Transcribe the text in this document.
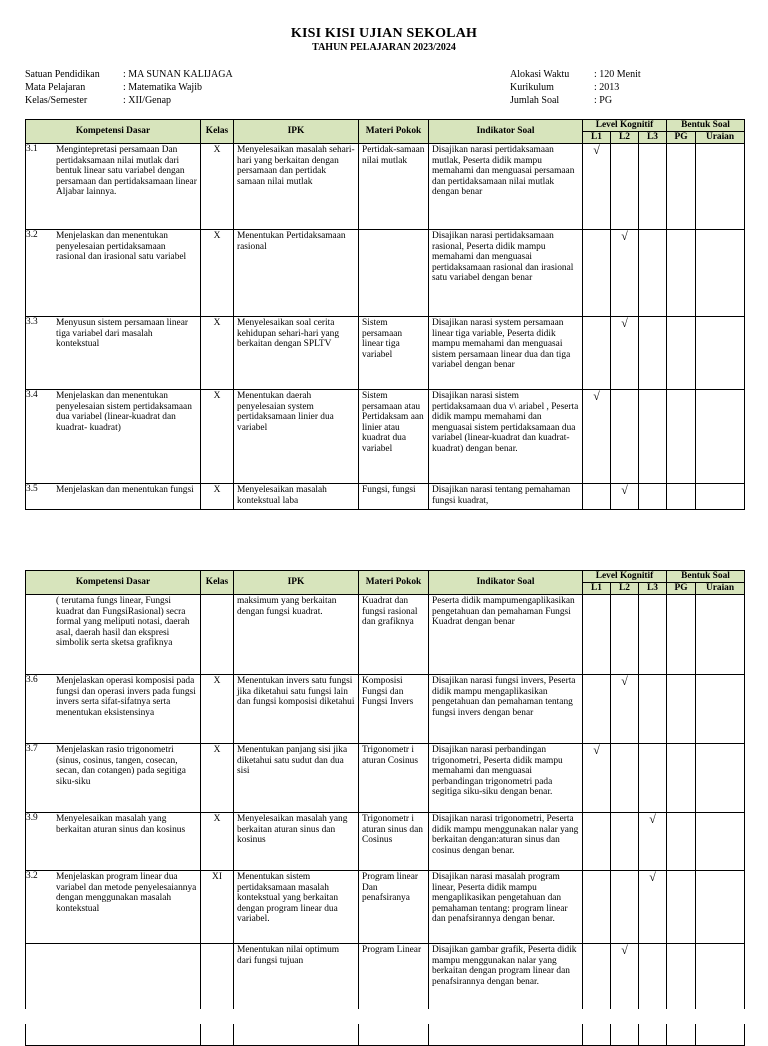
KISI KISI UJIAN SEKOLAH
TAHUN PELAJARAN 2023/2024
Satuan Pendidikan	: MA SUNAN KALIJAGA
Mata Pelajaran	: Matematika Wajib
Kelas/Semester	: XII/Genap
Alokasi Waktu	: 120 Menit
Kurikulum	: 2013
Jumlah Soal	: PG
Kompetensi Dasar	Kelas	IPK	Materi Pokok	Indikator Soal	Level Kognitif			Bentuk Soal	
					L1	L2	L3	PG	Uraian

3.1 Mengintepretasi persamaan Dan pertidaksamaan nilai mutlak dari bentuk linear satu variabel dengan persamaan dan pertidaksamaan linear Aljabar lainnya.	X	Menyelesaikan masalah sehari-hari yang berkaitan dengan persamaan dan pertidak samaan nilai mutlak	Pertidak-samaan nilai mutlak	Disajikan narasi pertidaksamaan mutlak, Peserta didik mampu memahami dan menguasai persamaan dan pertidaksamaan nilai mutlak dengan benar	√				

3.2 Menjelaskan dan menentukan penyelesaian pertidaksamaan rasional dan irasional satu variabel	X	Menentukan Pertidaksamaan rasional		Disajikan narasi pertidaksamaan rasional, Peserta didik mampu memahami dan menguasai pertidaksamaan rasional dan irasional satu variabel dengan benar		√			

3.3 Menyusun sistem persamaan linear tiga variabel dari masalah kontekstual	X	Menyelesaikan soal cerita kehidupan sehari-hari yang berkaitan dengan SPLTV	Sistem persamaan linear tiga variabel	Disajikan narasi system persamaan linear tiga variable, Peserta didik mampu memahami dan menguasai sistem persamaan linear dua dan tiga variabel dengan benar		√			

3.4 Menjelaskan dan menentukan penyelesaian sistem pertidaksamaan dua variabel (linear-kuadrat dan kuadrat- kuadrat)	X	Menentukan daerah penyelesaian system pertidaksamaan linier dua variabel	Sistem persamaan atau Pertidaksam aan linier atau kuadrat dua variabel	Disajikan narasi sistem pertidaksamaan dua v\ ariabel , Peserta didik mampu memahami dan menguasai sistem pertidaksamaan dua variabel (linear-kuadrat dan kuadrat- kuadrat) dengan benar.	√				

3.5 Menjelaskan dan menentukan fungsi	X	Menyelesaikan masalah kontekstual laba	Fungsi, fungsi	Disajikan narasi tentang pemahaman fungsi kuadrat,		√			
Kompetensi Dasar	Kelas	IPK	Materi Pokok	Indikator Soal	Level Kognitif			Bentuk Soal	
					L1	L2	L3	PG	Uraian

( terutama fungs linear, Fungsi kuadrat dan FungsiRasional) secra formal yang meliputi notasi, daerah asal, daerah hasil dan ekspresi simbolik serta sketsa grafiknya		maksimum yang berkaitan dengan fungsi kuadrat.	Kuadrat dan fungsi rasional dan grafiknya	Peserta didik mampumengaplikasikan pengetahuan dan pemahaman Fungsi Kuadrat dengan benar					

3.6 Menjelaskan operasi komposisi pada fungsi dan operasi invers pada fungsi invers serta sifat-sifatnya serta menentukan eksistensinya	X	Menentukan invers satu fungsi jika diketahui satu fungsi lain dan fungsi komposisi diketahui	Komposisi Fungsi dan Fungsi Invers	Disajikan narasi fungsi invers, Peserta didik mampu mengaplikasikan pengetahuan dan pemahaman tentang fungsi invers dengan benar		√			

3.7 Menjelaskan rasio trigonometri (sinus, cosinus, tangen, cosecan, secan, dan cotangen) pada segitiga siku-siku	X	Menentukan panjang sisi jika diketahui satu sudut dan dua sisi	Trigonometr i aturan Cosinus	Disajikan narasi perbandingan trigonometri, Peserta didik mampu memahami dan menguasai perbandingan trigonometri pada segitiga siku-siku dengan benar.	√				

3.9 Menyelesaikan masalah yang berkaitan aturan sinus dan kosinus	X	Menyelesaikan masalah yang berkaitan aturan sinus dan kosinus	Trigonometr i aturan sinus dan Cosinus	Disajikan narasi trigonometri, Peserta didik mampu menggunakan nalar yang berkaitan dengan:aturan sinus dan cosinus dengan benar.			√		

3.2 Menjelaskan program linear dua variabel dan metode penyelesaiannya dengan menggunakan masalah kontekstual	XI	Menentukan sistem pertidaksamaan masalah kontekstual yang berkaitan dengan program linear dua variabel.	Program linear Dan penafsiranya	Disajikan narasi masalah program linear, Peserta didik mampu mengaplikasikan pengetahuan dan pemahaman tentang: program linear dan penafsirannya dengan benar.			√		

		Menentukan nilai optimum dari fungsi tujuan	Program Linear	Disajikan gambar grafik, Peserta didik mampu menggunakan nalar yang berkaitan dengan program linear dan penafsirannya dengan benar.		√			
